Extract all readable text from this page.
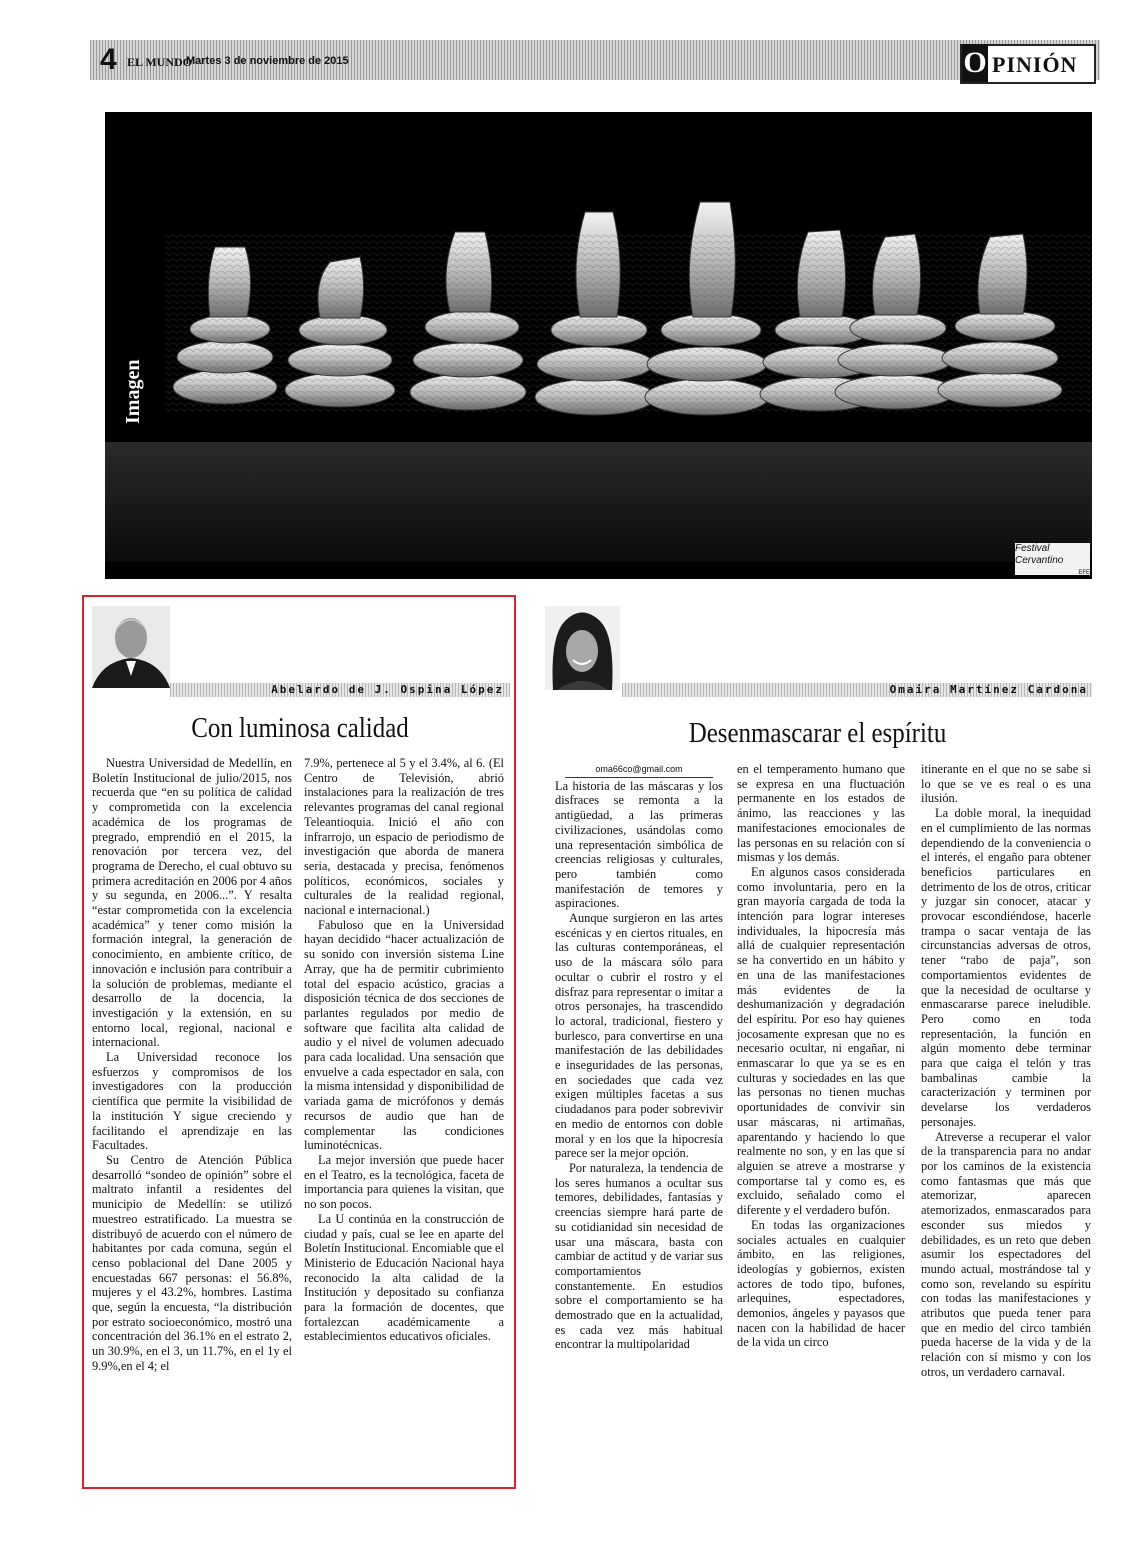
4 EL MUNDO
Martes 3 de noviembre de 2015	O PINIÓN
Imagen
Festival
Cervantino
EFE
Abelardo de J. Ospina López
Con luminosa calidad

Nuestra Universidad de Medellín, en Boletín Institucional de julio/2015, nos recuerda que “en su política de calidad y comprometida con la excelencia académica de los programas de pregrado, emprendió en el 2015, la renovación por tercera vez, del programa de Derecho, el cual obtuvo su primera acreditación en 2006 por 4 años y su segunda, en 2006...”. Y resalta “estar comprometida con la excelencia académica” y tener como misión la formación integral, la generación de conocimiento, en ambiente crítico, de innovación e inclusión para contribuir a la solución de problemas, mediante el desarrollo de la docencia, la investigación y la extensión, en su entorno local, regional, nacional e internacional.

La Universidad reconoce los esfuerzos y compromisos de los investigadores con la producción científica que permite la visibilidad de la institución Y sigue creciendo y facilitando el aprendizaje en las Facultades.

Su Centro de Atención Pública desarrolló “sondeo de opinión” sobre el maltrato infantil a residentes del municipio de Medellín: se utilizó muestreo estratificado. La muestra se distribuyó de acuerdo con el número de habitantes por cada comuna, según el censo poblacional del Dane 2005 y encuestadas 667 personas: el 56.8%, mujeres y el 43.2%, hombres. Lastima que, según la encuesta, “la distribución por estrato socioeconómico, mostró una concentración del 36.1% en el estrato 2, un 30.9%, en el 3, un 11.7%, en el 1y el 9.9%,en el 4; el

7.9%, pertenece al 5 y el 3.4%, al 6. (El Centro de Televisión, abrió instalaciones para la realización de tres relevantes programas del canal regional Teleantioquia. Inició el año con infrarrojo, un espacio de periodismo de investigación que aborda de manera seria, destacada y precisa, fenómenos políticos, económicos, sociales y culturales de la realidad regional, nacional e internacional.)

Fabuloso que en la Universidad hayan decidido “hacer actualización de su sonido con inversión sistema Line Array, que ha de permitir cubrimiento total del espacio acústico, gracias a disposición técnica de dos secciones de parlantes regulados por medio de software que facilita alta calidad de audio y el nivel de volumen adecuado para cada localidad. Una sensación que envuelve a cada espectador en sala, con la misma intensidad y disponibilidad de variada gama de micrófonos y demás recursos de audio que han de complementar las condiciones luminotécnicas.

La mejor inversión que puede hacer en el Teatro, es la tecnológica, faceta de importancia para quienes la visitan, que no son pocos.

La U continúa en la construcción de ciudad y país, cual se lee en aparte del Boletín Institucional. Encomiable que el Ministerio de Educación Nacional haya reconocido la alta calidad de la Institución y depositado su confianza para la formación de docentes, que fortalezcan académicamente a establecimientos educativos oficiales.

Omaira Martínez Cardona
Desenmascarar el espíritu
oma66co@gmail.com

La historia de las máscaras y los disfraces se remonta a la antigüedad, a las primeras civilizaciones, usándolas como una representación simbólica de creencias religiosas y culturales, pero también como manifestación de temores y aspiraciones.

Aunque surgieron en las artes escénicas y en ciertos rituales, en las culturas contemporáneas, el uso de la máscara sólo para ocultar o cubrir el rostro y el disfraz para representar o imitar a otros personajes, ha trascendido lo actoral, tradicional, fiestero y burlesco, para convertirse en una manifestación de las debilidades e inseguridades de las personas, en sociedades que cada vez exigen múltiples facetas a sus ciudadanos para poder sobrevivir en medio de entornos con doble moral y en los que la hipocresía parece ser la mejor opción.

Por naturaleza, la tendencia de los seres humanos a ocultar sus temores, debilidades, fantasías y creencias siempre hará parte de su cotidianidad sin necesidad de usar una máscara, basta con cambiar de actitud y de variar sus comportamientos constantemente. En estudios sobre el comportamiento se ha demostrado que en la actualidad, es cada vez más habitual encontrar la multipolaridad

en el temperamento humano que se expresa en una fluctuación permanente en los estados de ánimo, las reacciones y las manifestaciones emocionales de las personas en su relación con sí mismas y los demás.

En algunos casos considerada como involuntaria, pero en la gran mayoría cargada de toda la intención para lograr intereses individuales, la hipocresía más allá de cualquier representación se ha convertido en un hábito y en una de las manifestaciones más evidentes de la deshumanización y degradación del espíritu. Por eso hay quienes jocosamente expresan que no es necesario ocultar, ni engañar, ni enmascarar lo que ya se es en culturas y sociedades en las que las personas no tienen muchas oportunidades de convivir sin usar máscaras, ni artimañas, aparentando y haciendo lo que realmente no son, y en las que sí alguien se atreve a mostrarse y comportarse tal y como es, es excluido, señalado como el diferente y el verdadero bufón.

En todas las organizaciones sociales actuales en cualquier ámbito, en las religiones, ideologías y gobiernos, existen actores de todo tipo, bufones, arlequines, espectadores, demonios, ángeles y payasos que nacen con la habilidad de hacer de la vida un circo

itinerante en el que no se sabe si lo que se ve es real o es una ilusión.

La doble moral, la inequidad en el cumplimiento de las normas dependiendo de la conveniencia o el interés, el engaño para obtener beneficios particulares en detrimento de los de otros, criticar y juzgar sin conocer, atacar y provocar escondiéndose, hacerle trampa o sacar ventaja de las circunstancias adversas de otros, tener “rabo de paja”, son comportamientos evidentes de que la necesidad de ocultarse y enmascararse parece ineludible. Pero como en toda representación, la función en algún momento debe terminar para que caiga el telón y tras bambalinas cambie la caracterización y terminen por develarse los verdaderos personajes.

Atreverse a recuperar el valor de la transparencia para no andar por los caminos de la existencia como fantasmas que más que atemorizar, aparecen atemorizados, enmascarados para esconder sus miedos y debilidades, es un reto que deben asumir los espectadores del mundo actual, mostrándose tal y como son, revelando su espíritu con todas las manifestaciones y atributos que pueda tener para que en medio del circo también pueda hacerse de la vida y de la relación con sí mismo y con los otros, un verdadero carnaval.
